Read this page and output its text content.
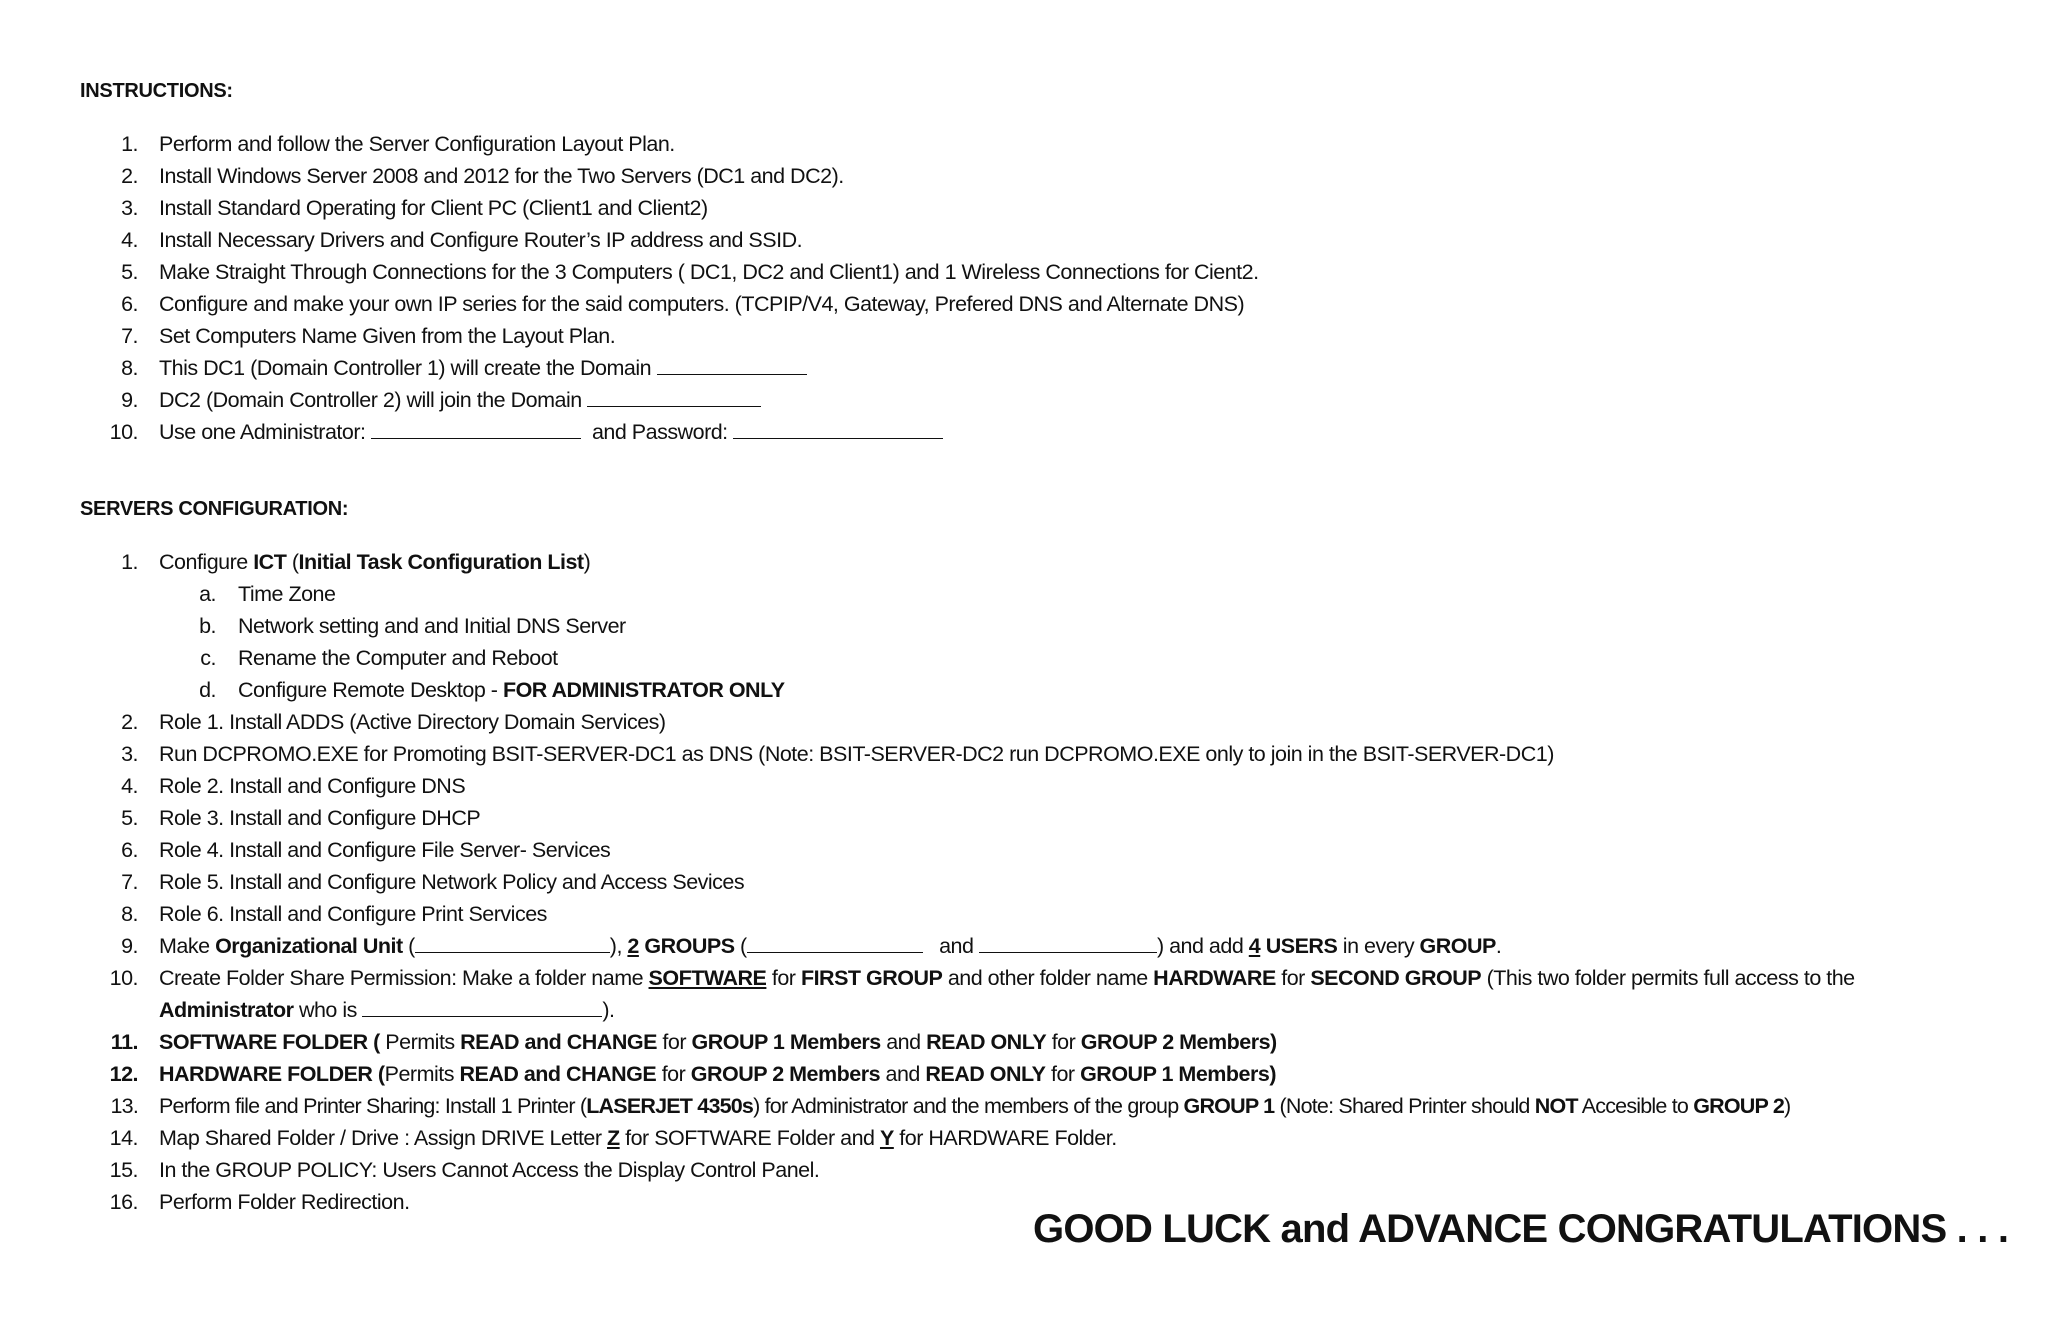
INSTRUCTIONS:
1. Perform and follow the Server Configuration Layout Plan.
2. Install Windows Server 2008 and 2012 for the Two Servers (DC1 and DC2).
3. Install Standard Operating for Client PC (Client1 and Client2)
4. Install Necessary Drivers and Configure Router’s IP address and SSID.
5. Make Straight Through Connections for the 3 Computers ( DC1, DC2 and Client1) and 1 Wireless Connections for Cient2.
6. Configure and make your own IP series for the said computers. (TCPIP/V4, Gateway, Prefered DNS and Alternate DNS)
7. Set Computers Name Given from the Layout Plan.
8. This DC1 (Domain Controller 1) will create the Domain
9. DC2 (Domain Controller 2) will join the Domain
10. Use one Administrator:	and Password:
SERVERS CONFIGURATION:
1. Configure ICT (Initial Task Configuration List)
a. Time Zone
b. Network setting and and Initial DNS Server
c. Rename the Computer and Reboot
d. Configure Remote Desktop - FOR ADMINISTRATOR ONLY
2. Role 1. Install ADDS (Active Directory Domain Services)
3. Run DCPROMO.EXE for Promoting BSIT-SERVER-DC1 as DNS (Note: BSIT-SERVER-DC2 run DCPROMO.EXE only to join in the BSIT-SERVER-DC1)
4. Role 2. Install and Configure DNS
5. Role 3. Install and Configure DHCP
6. Role 4. Install and Configure File Server- Services
7. Role 5. Install and Configure Network Policy and Access Sevices
8. Role 6. Install and Configure Print Services
9. Make Organizational Unit (	), 2 GROUPS (	and	) and add 4 USERS in every GROUP.
10. Create Folder Share Permission: Make a folder name SOFTWARE for FIRST GROUP and other folder name HARDWARE for SECOND GROUP (This two folder permits full access to the
Administrator who is	).
11. SOFTWARE FOLDER ( Permits READ and CHANGE for GROUP 1 Members and READ ONLY for GROUP 2 Members)
12. HARDWARE FOLDER (Permits READ and CHANGE for GROUP 2 Members and READ ONLY for GROUP 1 Members)
13. Perform file and Printer Sharing: Install 1 Printer (LASERJET 4350s) for Administrator and the members of the group GROUP 1 (Note: Shared Printer should NOT Accesible to GROUP 2)
14. Map Shared Folder / Drive : Assign DRIVE Letter Z for SOFTWARE Folder and Y for HARDWARE Folder.
15. In the GROUP POLICY: Users Cannot Access the Display Control Panel.
16. Perform Folder Redirection.
GOOD LUCK and ADVANCE CONGRATULATIONS . . .
